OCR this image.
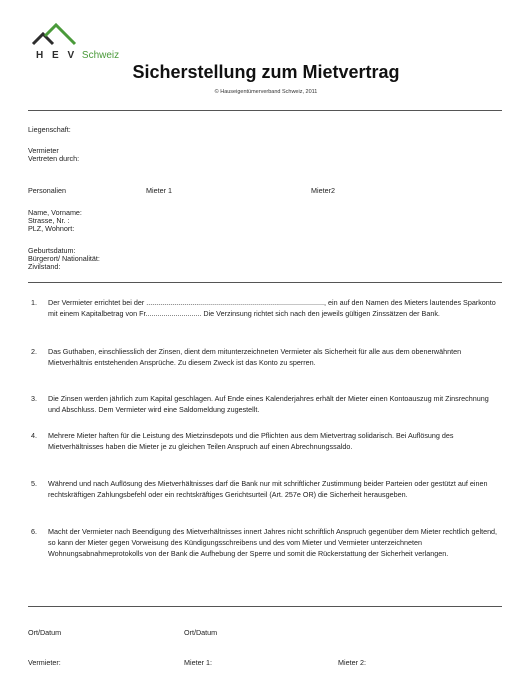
H E V Schweiz
Sicherstellung zum Mietvertrag
© Hauseigentümerverband Schweiz, 2011
Liegenschaft:
Vermieter
Vertreten durch:
Personalien	Mieter 1	Mieter2
Name, Vorname:
Strasse, Nr. :
PLZ, Wohnort:
Geburtsdatum:
Bürgerort/ Nationalität:
Zivilstand:
1. Der Vermieter errichtet bei der ........................................................................................., ein auf den Namen des Mieters lautendes Sparkonto mit einem Kapitalbetrag von Fr............................ Die Verzinsung richtet sich nach den jeweils gültigen Zinssätzen der Bank.
2. Das Guthaben, einschliesslich der Zinsen, dient dem mitunterzeichneten Vermieter als Sicherheit für alle aus dem obenerwähnten Mietverhältnis entstehenden Ansprüche. Zu diesem Zweck ist das Konto zu sperren.
3. Die Zinsen werden jährlich zum Kapital geschlagen. Auf Ende eines Kalenderjahres erhält der Mieter einen Kontoauszug mit Zinsrechnung und Abschluss. Dem Vermieter wird eine Saldomeldung zugestellt.
4. Mehrere Mieter haften für die Leistung des Mietzinsdepots und die Pflichten aus dem Mietvertrag solidarisch. Bei Auflösung des Mietverhältnisses haben die Mieter je zu gleichen Teilen Anspruch auf einen Abrechnungssaldo.
5. Während und nach Auflösung des Mietverhältnisses darf die Bank nur mit schriftlicher Zustimmung beider Parteien oder gestützt auf einen rechtskräftigen Zahlungsbefehl oder ein rechtskräftiges Gerichtsurteil (Art. 257e OR) die Sicherheit herausgeben.
6. Macht der Vermieter nach Beendigung des Mietverhältnisses innert Jahres nicht schriftlich Anspruch gegenüber dem Mieter rechtlich geltend, so kann der Mieter gegen Vorweisung des Kündigungsschreibens und des vom Mieter und Vermieter unterzeichneten Wohnungsabnahmeprotokolls von der Bank die Aufhebung der Sperre und somit die Rückerstattung der Sicherheit verlangen.
Ort/Datum	Ort/Datum
Vermieter:	Mieter 1:	Mieter 2:
